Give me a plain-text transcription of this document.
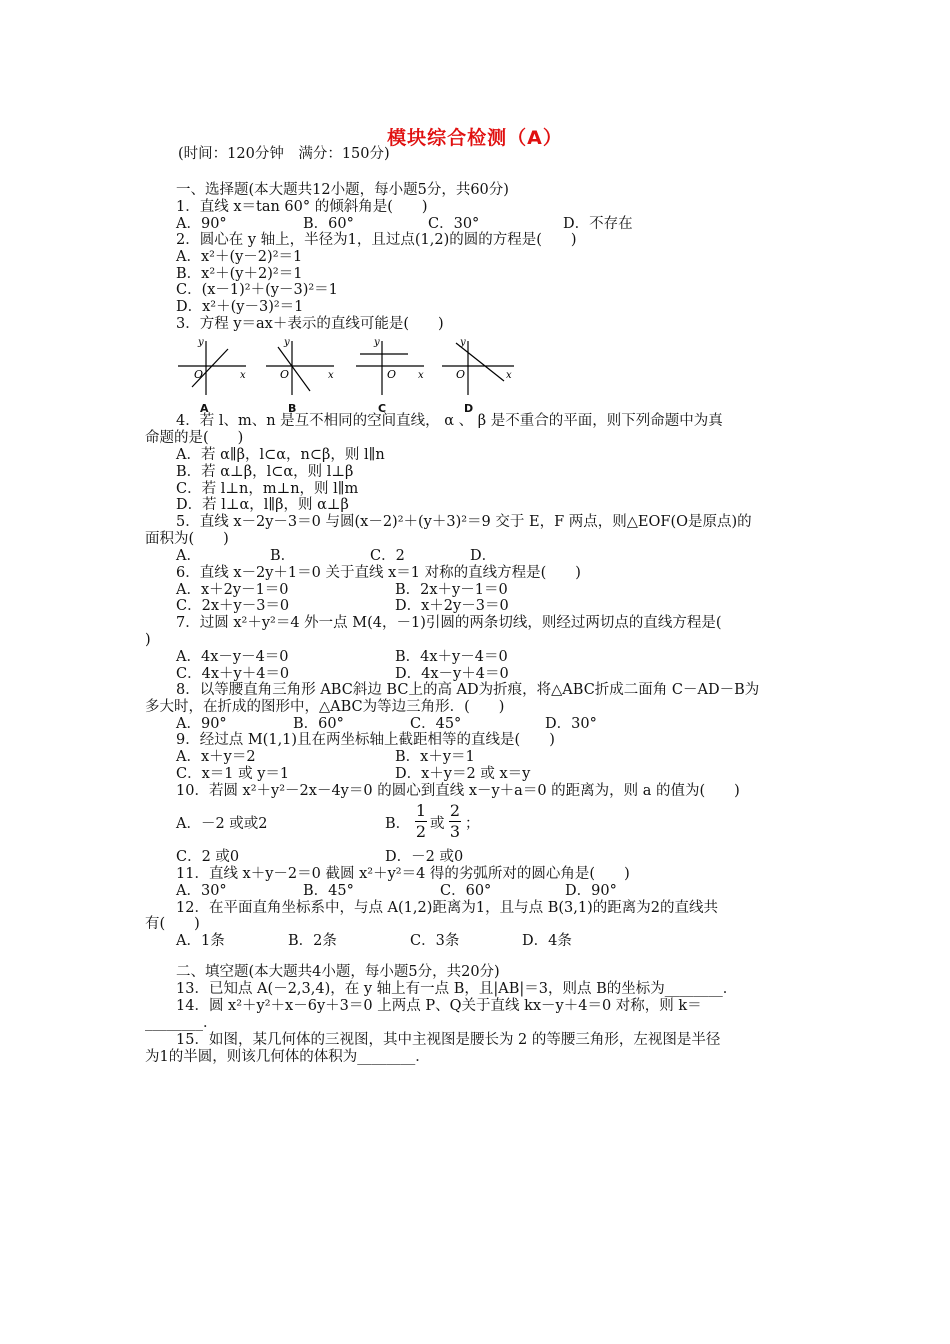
模块综合检测（A）
(时间：120分钟　满分：150分)
一、选择题(本大题共12小题，每小题5分，共60分)
1．直线 x＝tan 60° 的倾斜角是(　　)
A．90°	B．60°	C．30°	D．不存在
2．圆心在 y 轴上，半径为1，且过点(1,2)的圆的方程是(　　)
A．x²＋(y－2)²＝1
B．x²＋(y＋2)²＝1
C．(x－1)²＋(y－3)²＝1
D．x²＋(y－3)²＝1
3．方程 y＝ax＋表示的直线可能是(　　)
y
x
O
A
y
x
O
B
y
x
O
C
y
x
O
D
4．若 l、m、n 是互不相同的空间直线， α 、 β 是不重合的平面，则下列命题中为真
命题的是(　　)
A．若 α∥β，l⊂α，n⊂β，则 l∥n
B．若 α⊥β，l⊂α，则 l⊥β
C．若 l⊥n，m⊥n，则 l∥m
D．若 l⊥α，l∥β，则 α⊥β
5．直线 x－2y－3＝0 与圆(x－2)²＋(y＋3)²＝9 交于 E，F 两点，则△EOF(O是原点)的
面积为(　　)
A．	B．	C．2	D．
6．直线 x－2y＋1＝0 关于直线 x＝1 对称的直线方程是(　　)
A．x＋2y－1＝0	B．2x＋y－1＝0
C．2x＋y－3＝0	D．x＋2y－3＝0
7．过圆 x²＋y²＝4 外一点 M(4，－1)引圆的两条切线，则经过两切点的直线方程是(
)
A．4x－y－4＝0	B．4x＋y－4＝0
C．4x＋y＋4＝0	D．4x－y＋4＝0
8．以等腰直角三角形 ABC斜边 BC上的高 AD为折痕，将△ABC折成二面角 C－AD－B为
多大时，在折成的图形中，△ABC为等边三角形．(　　)
A．90°	B．60°	C．45°	D．30°
9．经过点 M(1,1)且在两坐标轴上截距相等的直线是(　　)
A．x＋y＝2	B．x＋y＝1
C．x＝1 或 y＝1	D．x＋y＝2 或 x＝y
10．若圆 x²＋y²－2x－4y＝0 的圆心到直线 x－y＋a＝0 的距离为，则 a 的值为(　　)
A．－2 或或2	B． $\frac{1}{2}$ 或 $\frac{2}{3}$ ；
C．2 或0	D．－2 或0
11．直线 x＋y－2＝0 截圆 x²＋y²＝4 得的劣弧所对的圆心角是(　　)
A．30°	B．45°	C．60°	D．90°
12．在平面直角坐标系中，与点 A(1,2)距离为1，且与点 B(3,1)的距离为2的直线共
有(　　)
A．1条	B．2条	C．3条	D．4条
二、填空题(本大题共4小题，每小题5分，共20分)
13．已知点 A(－2,3,4)，在 y 轴上有一点 B，且|AB|＝3，则点 B的坐标为________．
14．圆 x²＋y²＋x－6y＋3＝0 上两点 P、Q关于直线 kx－y＋4＝0 对称，则 k＝
________．
15．如图，某几何体的三视图，其中主视图是腰长为 2 的等腰三角形，左视图是半径
为1的半圆，则该几何体的体积为________．
